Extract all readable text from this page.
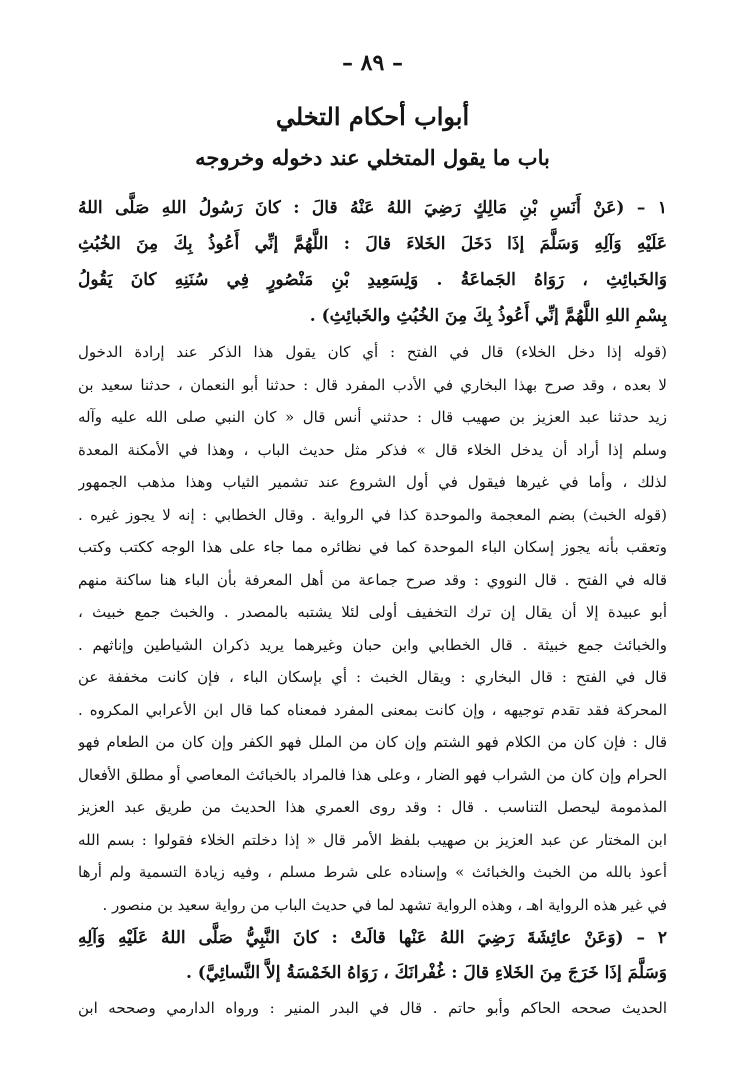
– ٨٩ –
أبواب أحكام التخلي
باب ما يقول المتخلي عند دخوله وخروجه
١ – (عَنْ أَنَسِ بْنِ مَالِكٍ رَضِيَ اللهُ عَنْهُ قالَ : كانَ رَسُولُ اللهِ صَلَّى اللهُ
عَلَيْهِ وَآلِهِ وَسَلَّمَ إذَا دَخَلَ الخَلاءَ قالَ : اللَّهُمَّ إنِّي أَعُوذُ بِكَ مِنَ الخُبُثِ
وَالخَبائِثِ ، رَوَاهُ الجَماعَةُ . وَلِسَعِيدِ بْنِ مَنْصُورٍ فِي سُنَنِهِ كانَ يَقُولُ
بِسْمِ اللهِ اللَّهُمَّ إنِّي أَعُوذُ بِكَ مِنَ الخُبُثِ والخَبائِثِ) .
(قوله إذا دخل الخلاء) قال في الفتح : أي كان يقول هذا الذكر عند إرادة الدخول
لا بعده ، وقد صرح بهذا البخاري في الأدب المفرد قال : حدثنا أبو النعمان ، حدثنا سعيد بن
زيد حدثنا عبد العزيز بن صهيب قال : حدثني أنس قال « كان النبي صلى الله عليه وآله
وسلم إذا أراد أن يدخل الخلاء قال » فذكر مثل حديث الباب ، وهذا في الأمكنة المعدة
لذلك ، وأما في غيرها فيقول في أول الشروع عند تشمير الثياب وهذا مذهب الجمهور
(قوله الخبث) بضم المعجمة والموحدة كذا في الرواية . وقال الخطابي : إنه لا يجوز غيره .
وتعقب بأنه يجوز إسكان الباء الموحدة كما في نظائره مما جاء على هذا الوجه ككتب وكتب
قاله في الفتح . قال النووي : وقد صرح جماعة من أهل المعرفة بأن الباء هنا ساكنة منهم
أبو عبيدة إلا أن يقال إن ترك التخفيف أولى لئلا يشتبه بالمصدر . والخبث جمع خبيث ،
والخبائث جمع خبيثة . قال الخطابي وابن حبان وغيرهما يريد ذكران الشياطين وإناثهم .
قال في الفتح : قال البخاري : ويقال الخبث : أي بإسكان الباء ، فإن كانت مخففة عن
المحركة فقد تقدم توجيهه ، وإن كانت بمعنى المفرد فمعناه كما قال ابن الأعرابي المكروه .
قال : فإن كان من الكلام فهو الشتم وإن كان من الملل فهو الكفر وإن كان من الطعام فهو
الحرام وإن كان من الشراب فهو الضار ، وعلى هذا فالمراد بالخبائث المعاصي أو مطلق الأفعال
المذمومة ليحصل التناسب . قال : وقد روى العمري هذا الحديث من طريق عبد العزيز
ابن المختار عن عبد العزيز بن صهيب بلفظ الأمر قال « إذا دخلتم الخلاء فقولوا : بسم الله
أعوذ بالله من الخبث والخبائث » وإسناده على شرط مسلم ، وفيه زيادة التسمية ولم أرها
في غير هذه الرواية اهـ ، وهذه الرواية تشهد لما في حديث الباب من رواية سعيد بن منصور .
٢ – (وَعَنْ عائِشَةَ رَضِيَ اللهُ عَنْها قالَتْ : كانَ النَّبِيُّ صَلَّى اللهُ عَلَيْهِ وَآلِهِ
وَسَلَّمَ إذَا خَرَجَ مِنَ الخَلاءِ قالَ : غُفْرانَكَ ، رَوَاهُ الخَمْسَةُ إلاَّ النَّسائِيَّ) .
الحديث صححه الحاكم وأبو حاتم . قال في البدر المنير : ورواه الدارمي وصححه ابن
